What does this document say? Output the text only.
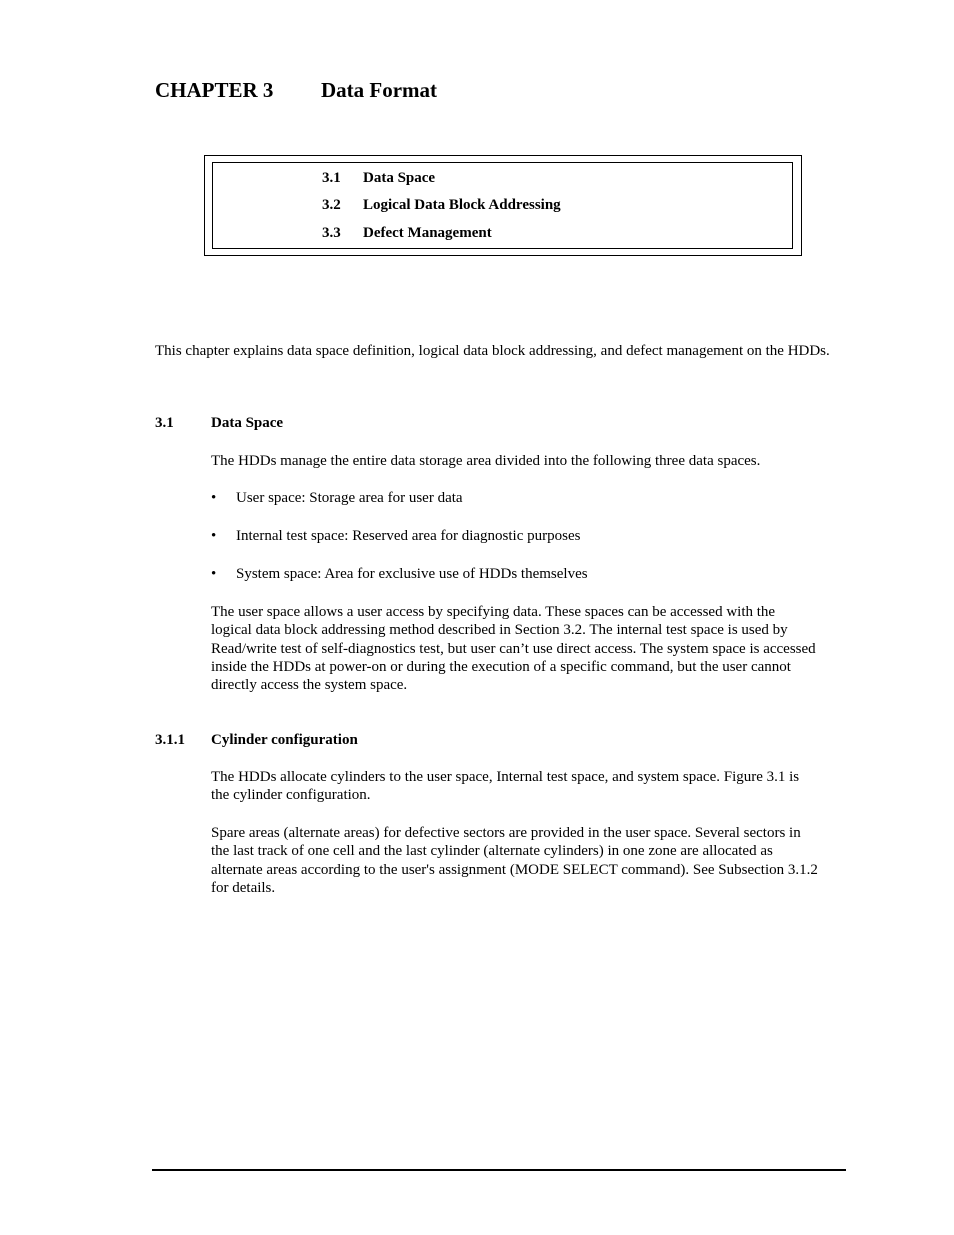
CHAPTER 3 Data Format
3.1 Data Space
3.2 Logical Data Block Addressing
3.3 Defect Management
This chapter explains data space definition, logical data block addressing, and defect management on the HDDs.
3.1 Data Space
The HDDs manage the entire data storage area divided into the following three data spaces.
• User space: Storage area for user data
• Internal test space: Reserved area for diagnostic purposes
• System space: Area for exclusive use of HDDs themselves
The user space allows a user access by specifying data. These spaces can be accessed with the
logical data block addressing method described in Section 3.2. The internal test space is used by
Read/write test of self-diagnostics test, but user can’t use direct access. The system space is accessed
inside the HDDs at power-on or during the execution of a specific command, but the user cannot
directly access the system space.
3.1.1 Cylinder configuration
The HDDs allocate cylinders to the user space, Internal test space, and system space. Figure 3.1 is
the cylinder configuration.
Spare areas (alternate areas) for defective sectors are provided in the user space. Several sectors in
the last track of one cell and the last cylinder (alternate cylinders) in one zone are allocated as
alternate areas according to the user's assignment (MODE SELECT command). See Subsection 3.1.2
for details.
